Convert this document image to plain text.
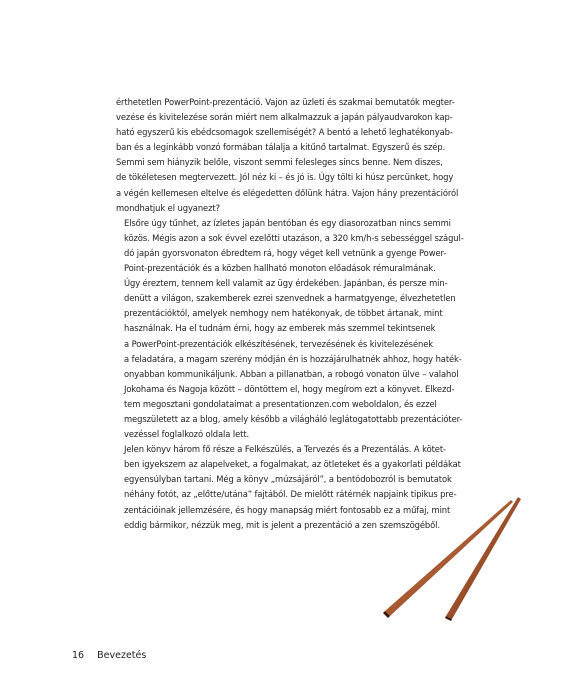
érthetetlen PowerPoint-prezentáció. Vajon az üzleti és szakmai bemutatók megter-
vezése és kivitelezése során miért nem alkalmazzuk a japán pályaudvarokon kap-
ható egyszerű kis ebédcsomagok szellemiségét? A bentó a lehető leghatékonyab-
ban és a leginkább vonzó formában tálalja a kitűnő tartalmat. Egyszerű és szép.
Semmi sem hiányzik belőle, viszont semmi felesleges sincs benne. Nem diszes,
de tökéletesen megtervezett. Jól néz ki – és jó is. Úgy tölti ki húsz percünket, hogy
a végén kellemesen eltelve és elégedetten dőlünk hátra. Vajon hány prezentációról
mondhatjuk el ugyanezt?

Elsőre úgy tűnhet, az ízletes japán bentóban és egy diasorozatban nincs semmi
közös. Mégis azon a sok évvel ezelőtti utazáson, a 320 km/h-s sebességgel szágul-
dó japán gyorsvonaton ébredtem rá, hogy véget kell vetnünk a gyenge Power-
Point-prezentációk és a közben hallható monoton előadások rémuralmának.
Úgy éreztem, tennem kell valamit az ügy érdekében. Japánban, és persze min-
denütt a világon, szakemberek ezrei szenvednek a harmatgyenge, élvezhetetlen
prezentációktól, amelyek nemhogy nem hatékonyak, de többet ártanak, mint
használnak. Ha el tudnám érni, hogy az emberek más szemmel tekintsenek
a PowerPoint-prezentációk elkészítésének, tervezésének és kivitelezésének
a feladatára, a magam szerény módján én is hozzájárulhatnék ahhoz, hogy haték-
onyabban kommunikáljunk. Abban a pillanatban, a robogó vonaton ülve – valahol
Jokohama és Nagoja között – döntöttem el, hogy megírom ezt a könyvet. Elkezd-
tem megosztani gondolataimat a presentationzen.com weboldalon, és ezzel
megszületett az a blog, amely később a világháló leglátogatottabb prezentációter-
vezéssel foglalkozó oldala lett.

Jelen könyv három fő része a Felkészülés, a Tervezés és a Prezentálás. A kötet-
ben igyekszem az alapelveket, a fogalmakat, az ötleteket és a gyakorlati példákat
egyensúlyban tartani. Még a könyv „múzsájáról”, a bentódobozról is bemutatok
néhány fotót, az „előtte/utána” fajtából. De mielőtt rátérnék napjaink tipikus pre-
zentációinak jellemzésére, és hogy manapság miért fontosabb ez a műfaj, mint
eddig bármikor, nézzük meg, mit is jelent a prezentáció a zen szemszögéből.

16 Bevezetés
